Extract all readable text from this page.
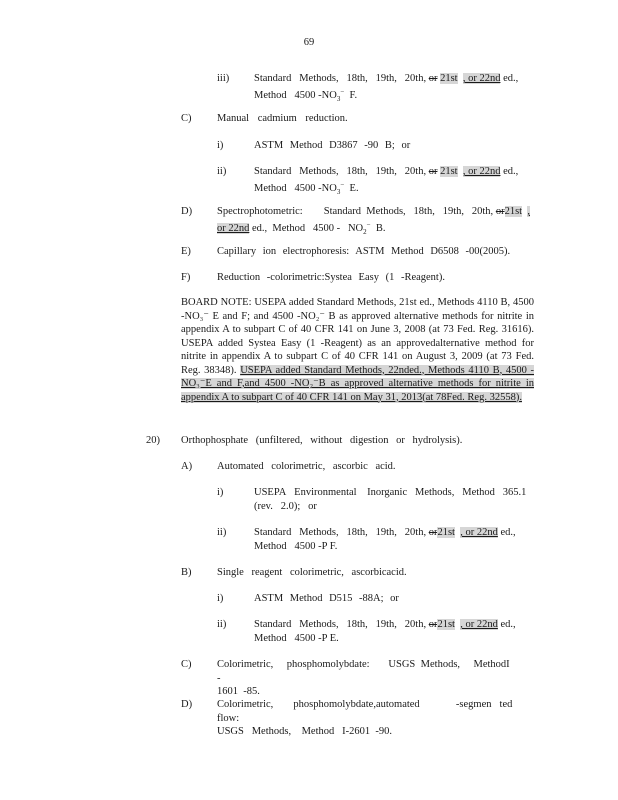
69
iii) Standard   Methods,   18th,   19th,   20th, or 21st , or 22nd ed.,
Method   4500 $-NO_3^-$  F.
C) Manual cadmium reduction.
i)	ASTM Method D3867 -90 B; or
ii)	Standard   Methods,   18th,   19th,   20th, or 21st , or 22nd ed.,
Method   4500 $-NO_3^-$  E.
D) Spectrophotometric:        Standard  Methods,   18th,   19th,   20th, or21st ,
or 22nd ed.,  Method   $4500 - NO_2^-$  B.
E) Capillary ion electrophoresis: ASTM Method D6508 -00(2005).
F)	Reduction -colorimetric:Systea Easy (1 -Reagent).
BOARD NOTE: USEPA added Standard Methods, 21st ed., Methods 4110 B, 4500 -NO₃⁻ E and F; and 4500 -NO₂⁻ B as approved alternative methods for nitrite in appendix A to subpart C of 40 CFR 141 on June 3, 2008 (at 73 Fed. Reg. 31616). USEPA added Systea Easy (1 -Reagent) as an approvedalternative method for nitrite in appendix A to subpart C of 40 CFR 141 on August 3, 2009 (at 73 Fed. Reg. 38348). USEPA added Standard Methods, 22nded., Methods 4110 B, 4500 -NO₃⁻E and F,and 4500 -NO₂⁻B as approved alternative methods for nitrite in appendix A to subpart C of 40 CFR 141 on May 31, 2013(at 78Fed. Reg. 32558).
20) Orthophosphate (unfiltered, without digestion or hydrolysis).
A) Automated colorimetric, ascorbic acid.
i)	USEPA   Environmental    Inorganic   Methods,   Method   365.1
(rev.   2.0);   or
ii)	Standard   Methods,   18th,   19th,   20th, or21st , or 22nd ed.,
Method   4500 -P F.
B) Single reagent colorimetric, ascorbicacid.
i)	ASTM Method D515 -88A; or
ii)	Standard   Methods,   18th,   19th,   20th, or21st , or 22nd ed.,
Method   4500 -P E.
C) Colorimetric,     phosphomolybdate:       USGS  Methods,     MethodI   -
1601  -85.
D) Colorimetric,     phosphomolybdate,automated         -segmen  ted  flow:
USGS   Methods,    Method   I-2601  -90.
